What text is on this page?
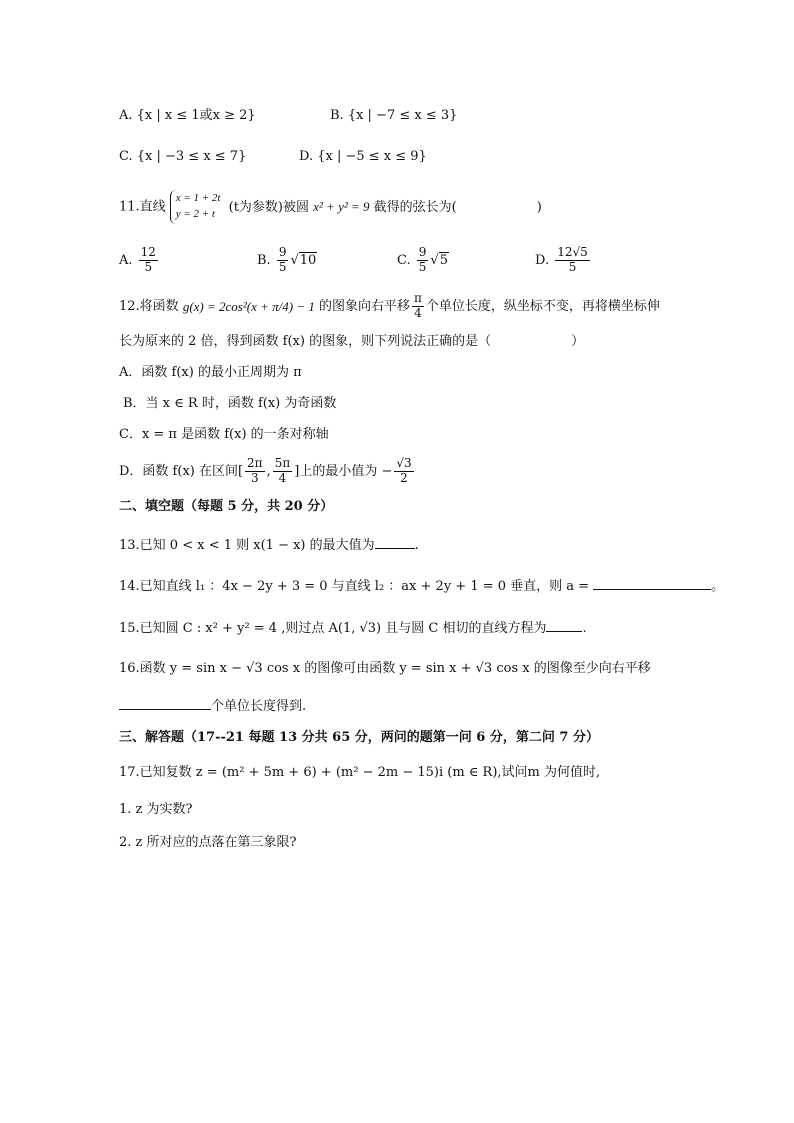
A. {x | x ≤ 1或x ≥ 2}	B. {x | −7 ≤ x ≤ 3}
C. {x | −3 ≤ x ≤ 7}	D. {x | −5 ≤ x ≤ 9}
11.直线
x = 1 + 2t
y = 2 + t	(t为参数)被圆 x² + y² = 9 截得的弦长为(	)
A. $\frac{12}{5}$	B. $\frac{9}{5} √10$	C. $\frac{9}{5} √5$	D. $\frac{12√5}{5}$
12.将函数 g(x) = 2cos²(x + π/4) − 1 的图象向右平移 $\frac{\pi}{4}$ 个单位长度，纵坐标不变，再将横坐标伸
长为原来的 2 倍，得到函数 f(x) 的图象，则下列说法正确的是（	）
A．函数 f(x) 的最小正周期为 π
B．当 x ∈ R 时，函数 f(x) 为奇函数
C．x = π 是函数 f(x) 的一条对称轴
D．函数 f(x) 在区间[ $\frac{2\pi}{3}$ , $\frac{5\pi}{4}$ ]上的最小值为 − $\frac{√3}{2}$
二、填空题（每题 5 分，共 20 分）
13.已知 0 < x < 1 则 x(1 − x) 的最大值为	.
14.已知直线 l₁ ：4x − 2y + 3 = 0 与直线 l₂ ：ax + 2y + 1 = 0 垂直，则 a =	。
15.已知圆 C : x² + y² = 4 ,则过点 A(1, √3) 且与圆 C 相切的直线方程为	.
16.函数 y = sin x − √3 cos x 的图像可由函数 y = sin x + √3 cos x 的图像至少向右平移
个单位长度得到.
三、解答题（17--21 每题 13 分共 65 分，两问的题第一问 6 分，第二问 7 分）
17.已知复数 z = (m² + 5m + 6) + (m² − 2m − 15)i (m ∈ R),试问m 为何值时,
1. z 为实数?
2. z 所对应的点落在第三象限?
